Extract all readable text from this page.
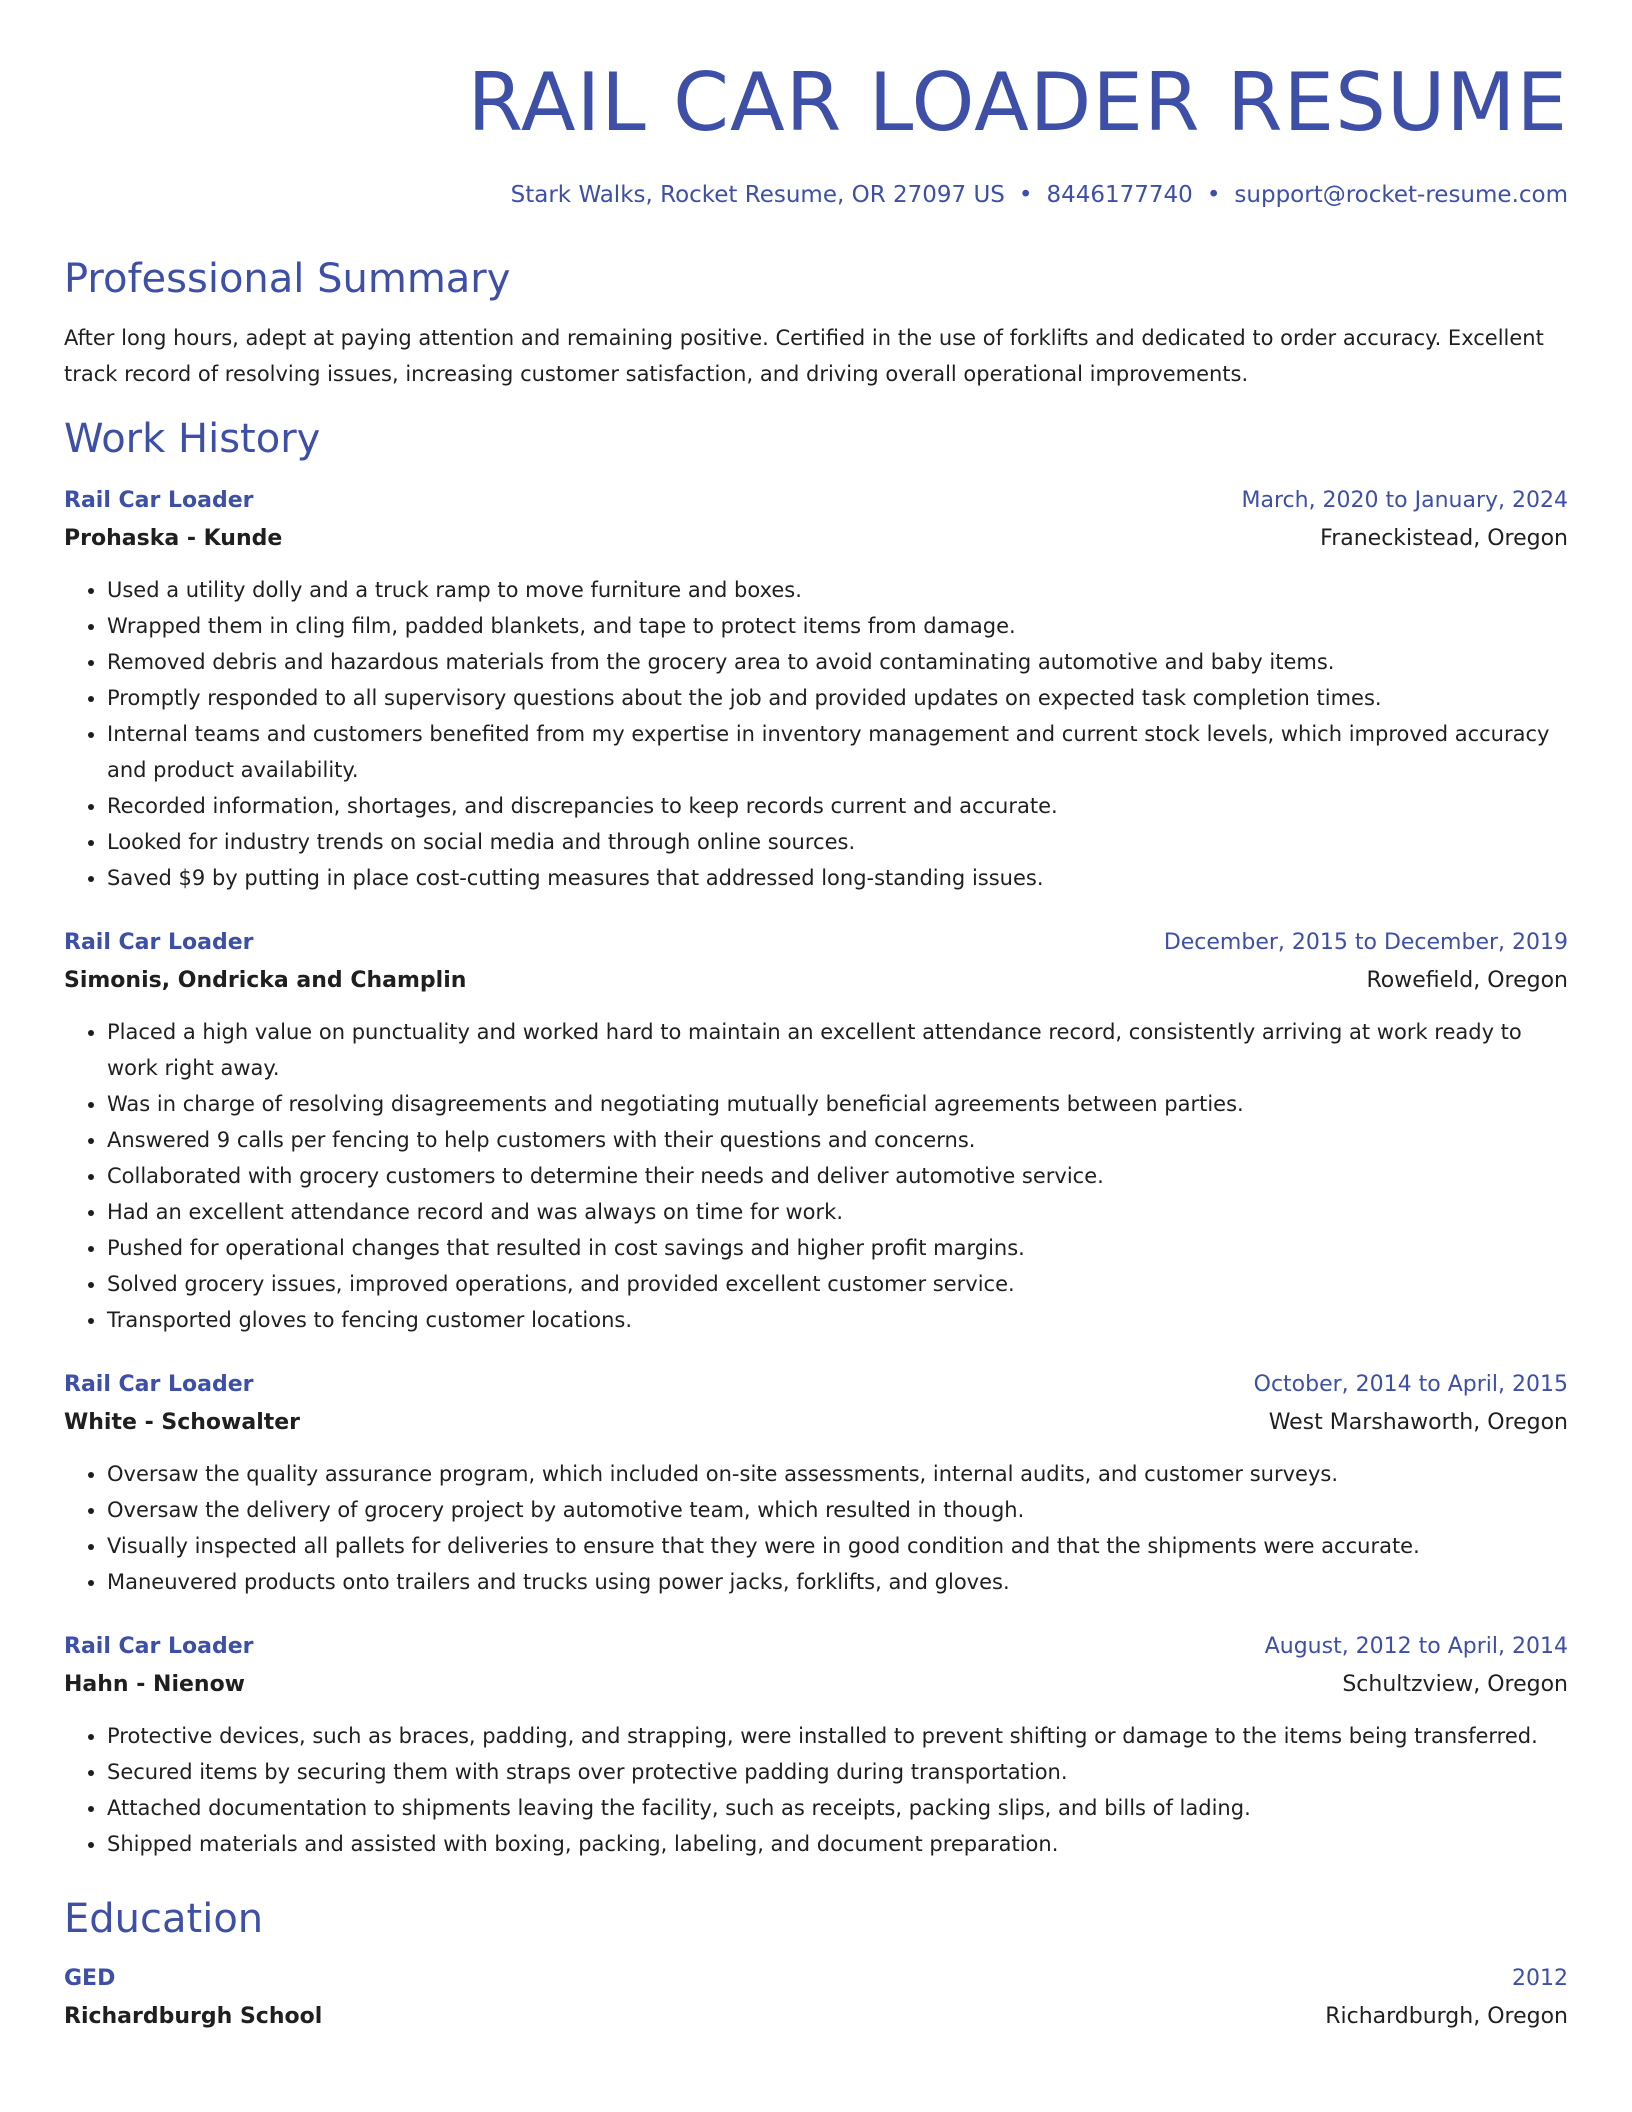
RAIL CAR LOADER RESUME
Stark Walks, Rocket Resume, OR 27097 US • 8446177740 • support@rocket-resume.com
Professional Summary
After long hours, adept at paying attention and remaining positive. Certified in the use of forklifts and dedicated to order accuracy. Excellent track record of resolving issues, increasing customer satisfaction, and driving overall operational improvements.
Work History
Rail Car Loader	March, 2020 to January, 2024
Prohaska - Kunde	Franeckistead, Oregon
• Used a utility dolly and a truck ramp to move furniture and boxes.
• Wrapped them in cling film, padded blankets, and tape to protect items from damage.
• Removed debris and hazardous materials from the grocery area to avoid contaminating automotive and baby items.
• Promptly responded to all supervisory questions about the job and provided updates on expected task completion times.
• Internal teams and customers benefited from my expertise in inventory management and current stock levels, which improved accuracy and product availability.
• Recorded information, shortages, and discrepancies to keep records current and accurate.
• Looked for industry trends on social media and through online sources.
• Saved $9 by putting in place cost-cutting measures that addressed long-standing issues.
Rail Car Loader	December, 2015 to December, 2019
Simonis, Ondricka and Champlin	Rowefield, Oregon
• Placed a high value on punctuality and worked hard to maintain an excellent attendance record, consistently arriving at work ready to work right away.
• Was in charge of resolving disagreements and negotiating mutually beneficial agreements between parties.
• Answered 9 calls per fencing to help customers with their questions and concerns.
• Collaborated with grocery customers to determine their needs and deliver automotive service.
• Had an excellent attendance record and was always on time for work.
• Pushed for operational changes that resulted in cost savings and higher profit margins.
• Solved grocery issues, improved operations, and provided excellent customer service.
• Transported gloves to fencing customer locations.
Rail Car Loader	October, 2014 to April, 2015
White - Schowalter	West Marshaworth, Oregon
• Oversaw the quality assurance program, which included on-site assessments, internal audits, and customer surveys.
• Oversaw the delivery of grocery project by automotive team, which resulted in though.
• Visually inspected all pallets for deliveries to ensure that they were in good condition and that the shipments were accurate.
• Maneuvered products onto trailers and trucks using power jacks, forklifts, and gloves.
Rail Car Loader	August, 2012 to April, 2014
Hahn - Nienow	Schultzview, Oregon
• Protective devices, such as braces, padding, and strapping, were installed to prevent shifting or damage to the items being transferred.
• Secured items by securing them with straps over protective padding during transportation.
• Attached documentation to shipments leaving the facility, such as receipts, packing slips, and bills of lading.
• Shipped materials and assisted with boxing, packing, labeling, and document preparation.
Education
GED	2012
Richardburgh School	Richardburgh, Oregon
